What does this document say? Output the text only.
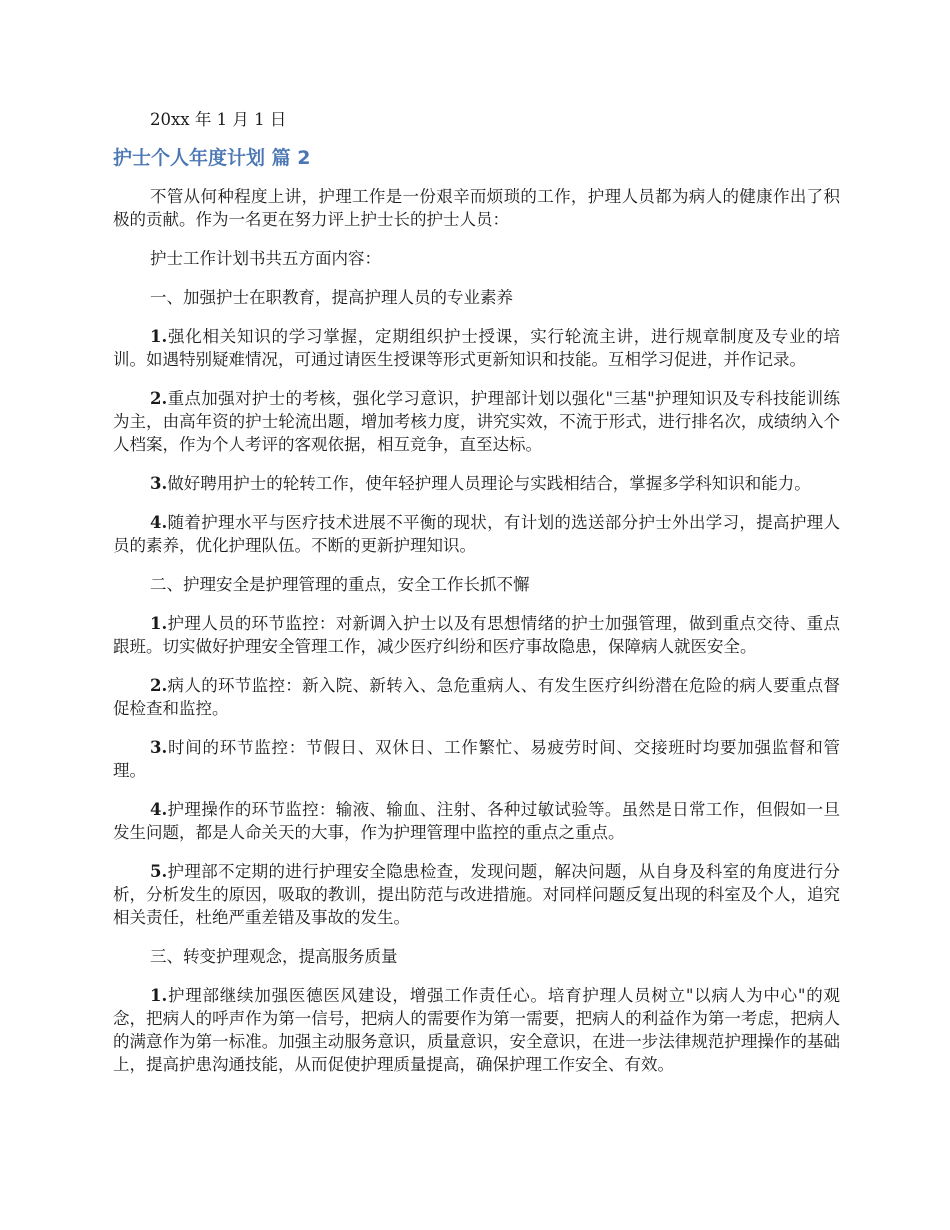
20xx 年 1 月 1 日

护士个人年度计划 篇 2

不管从何种程度上讲，护理工作是一份艰辛而烦琐的工作，护理人员都为病人的健康作出了积极的贡献。作为一名更在努力评上护士长的护士人员：

护士工作计划书共五方面内容：

一、加强护士在职教育，提高护理人员的专业素养

1.强化相关知识的学习掌握，定期组织护士授课，实行轮流主讲，进行规章制度及专业的培训。如遇特别疑难情况，可通过请医生授课等形式更新知识和技能。互相学习促进，并作记录。

2.重点加强对护士的考核，强化学习意识，护理部计划以强化"三基"护理知识及专科技能训练为主，由高年资的护士轮流出题，增加考核力度，讲究实效，不流于形式，进行排名次，成绩纳入个人档案，作为个人考评的客观依据，相互竞争，直至达标。

3.做好聘用护士的轮转工作，使年轻护理人员理论与实践相结合，掌握多学科知识和能力。

4.随着护理水平与医疗技术进展不平衡的现状，有计划的选送部分护士外出学习，提高护理人员的素养，优化护理队伍。不断的更新护理知识。

二、护理安全是护理管理的重点，安全工作长抓不懈

1.护理人员的环节监控：对新调入护士以及有思想情绪的护士加强管理，做到重点交待、重点跟班。切实做好护理安全管理工作，减少医疗纠纷和医疗事故隐患，保障病人就医安全。

2.病人的环节监控：新入院、新转入、急危重病人、有发生医疗纠纷潜在危险的病人要重点督促检查和监控。

3.时间的环节监控：节假日、双休日、工作繁忙、易疲劳时间、交接班时均要加强监督和管理。

4.护理操作的环节监控：输液、输血、注射、各种过敏试验等。虽然是日常工作，但假如一旦发生问题，都是人命关天的大事，作为护理管理中监控的重点之重点。

5.护理部不定期的进行护理安全隐患检查，发现问题，解决问题，从自身及科室的角度进行分析，分析发生的原因，吸取的教训，提出防范与改进措施。对同样问题反复出现的科室及个人，追究相关责任，杜绝严重差错及事故的发生。

三、转变护理观念，提高服务质量

1.护理部继续加强医德医风建设，增强工作责任心。培育护理人员树立"以病人为中心"的观念，把病人的呼声作为第一信号，把病人的需要作为第一需要，把病人的利益作为第一考虑，把病人的满意作为第一标准。加强主动服务意识，质量意识，安全意识，在进一步法律规范护理操作的基础上，提高护患沟通技能，从而促使护理质量提高，确保护理工作安全、有效。
